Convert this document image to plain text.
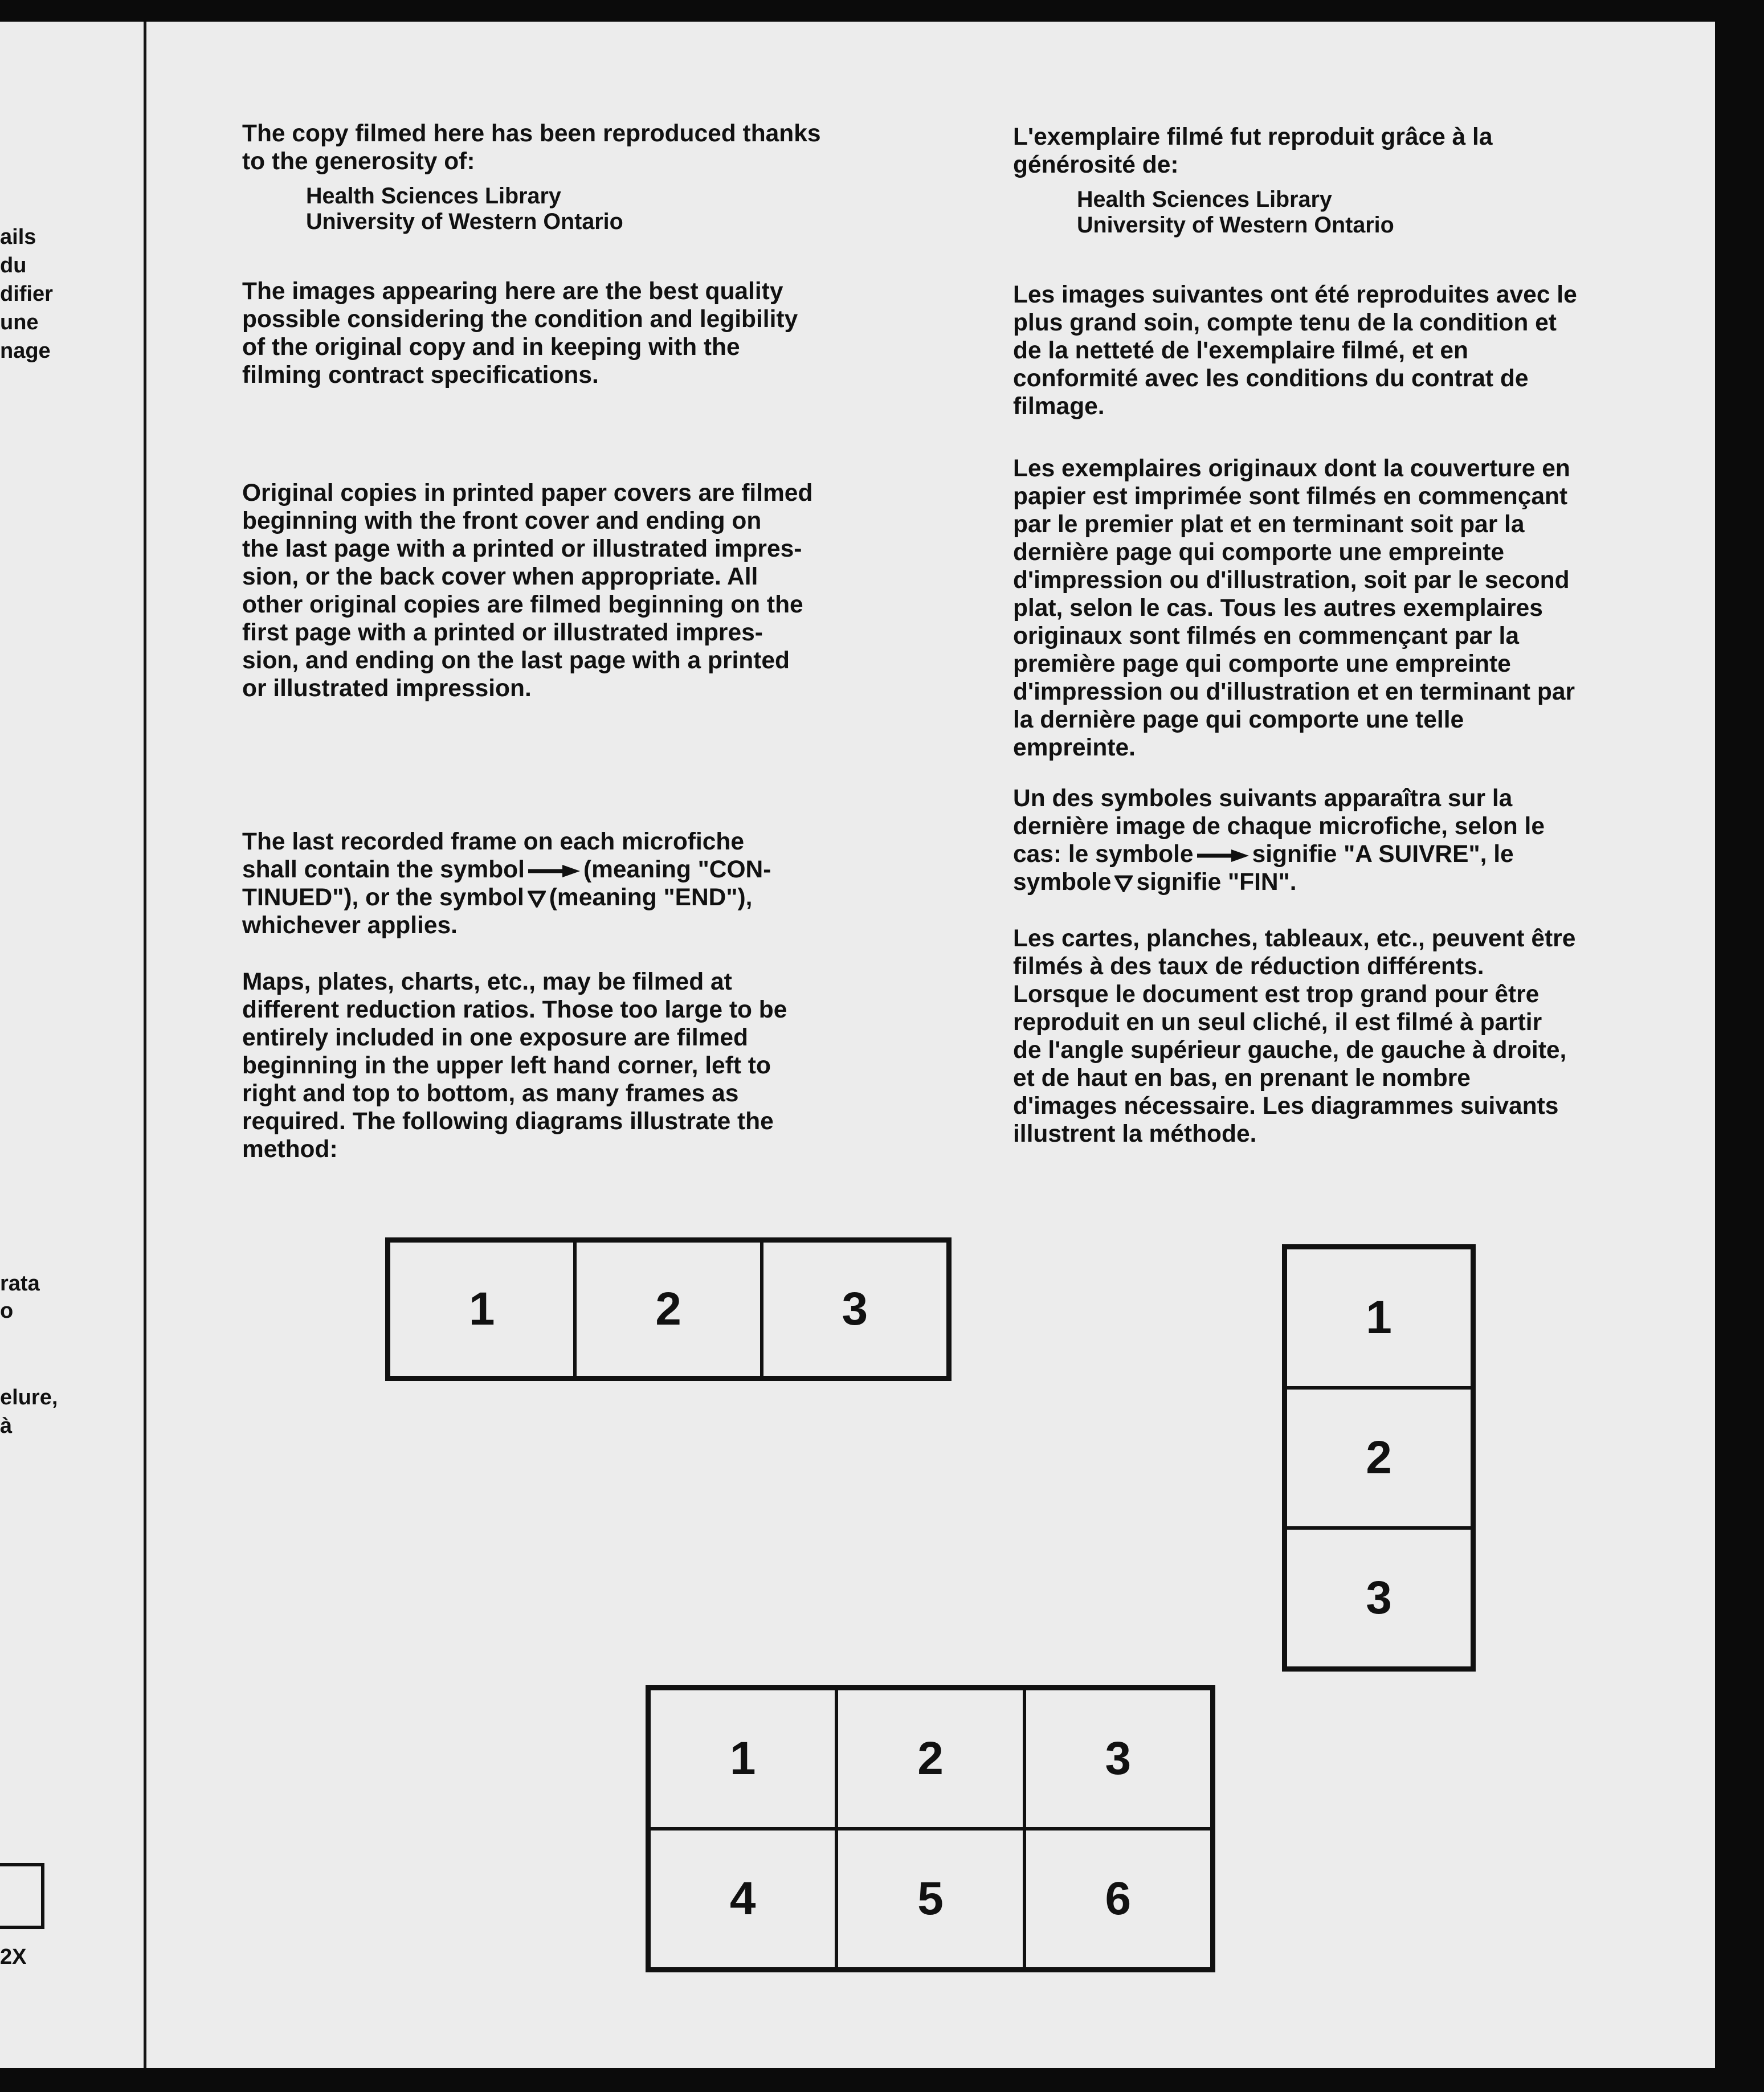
ails
du
difier
une
nage
rata
o
elure,
à
2X

The copy filmed here has been reproduced thanks
to the generosity of:

Health Sciences Library
University of Western Ontario

The images appearing here are the best quality
possible considering the condition and legibility
of the original copy and in keeping with the
filming contract specifications.

Original copies in printed paper covers are filmed
beginning with the front cover and ending on
the last page with a printed or illustrated impres-
sion, or the back cover when appropriate. All
other original copies are filmed beginning on the
first page with a printed or illustrated impres-
sion, and ending on the last page with a printed
or illustrated impression.

The last recorded frame on each microfiche
shall contain the symbol (meaning "CON-
TINUED"), or the symbol (meaning "END"),
whichever applies.

Maps, plates, charts, etc., may be filmed at
different reduction ratios. Those too large to be
entirely included in one exposure are filmed
beginning in the upper left hand corner, left to
right and top to bottom, as many frames as
required. The following diagrams illustrate the
method:

L'exemplaire filmé fut reproduit grâce à la
générosité de:

Health Sciences Library
University of Western Ontario

Les images suivantes ont été reproduites avec le
plus grand soin, compte tenu de la condition et
de la netteté de l'exemplaire filmé, et en
conformité avec les conditions du contrat de
filmage.

Les exemplaires originaux dont la couverture en
papier est imprimée sont filmés en commençant
par le premier plat et en terminant soit par la
dernière page qui comporte une empreinte
d'impression ou d'illustration, soit par le second
plat, selon le cas. Tous les autres exemplaires
originaux sont filmés en commençant par la
première page qui comporte une empreinte
d'impression ou d'illustration et en terminant par
la dernière page qui comporte une telle
empreinte.

Un des symboles suivants apparaîtra sur la
dernière image de chaque microfiche, selon le
cas: le symbole signifie "A SUIVRE", le
symbole signifie "FIN".

Les cartes, planches, tableaux, etc., peuvent être
filmés à des taux de réduction différents.
Lorsque le document est trop grand pour être
reproduit en un seul cliché, il est filmé à partir
de l'angle supérieur gauche, de gauche à droite,
et de haut en bas, en prenant le nombre
d'images nécessaire. Les diagrammes suivants
illustrent la méthode.

1	2	3	1
2
3
1	2	3
4	5	6
